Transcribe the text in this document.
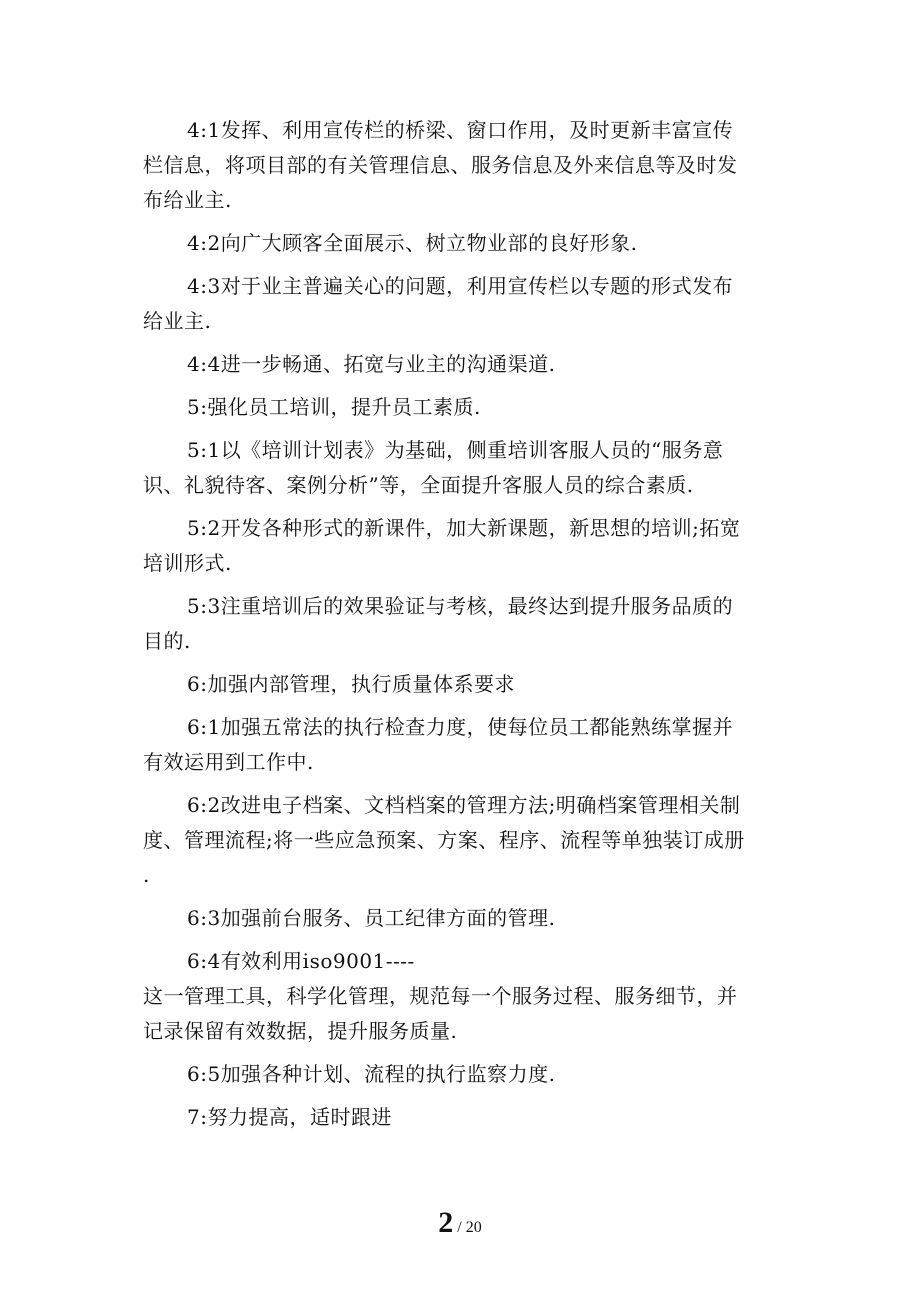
4:1发挥、利用宣传栏的桥梁、窗口作用，及时更新丰富宣传
栏信息，将项目部的有关管理信息、服务信息及外来信息等及时发
布给业主.
4:2向广大顾客全面展示、树立物业部的良好形象.
4:3对于业主普遍关心的问题，利用宣传栏以专题的形式发布
给业主.
4:4进一步畅通、拓宽与业主的沟通渠道.
5:强化员工培训，提升员工素质.
5:1以《培训计划表》为基础，侧重培训客服人员的“服务意
识、礼貌待客、案例分析”等，全面提升客服人员的综合素质.
5:2开发各种形式的新课件，加大新课题，新思想的培训;拓宽
培训形式.
5:3注重培训后的效果验证与考核，最终达到提升服务品质的
目的.
6:加强内部管理，执行质量体系要求
6:1加强五常法的执行检查力度，使每位员工都能熟练掌握并
有效运用到工作中.
6:2改进电子档案、文档档案的管理方法;明确档案管理相关制
度、管理流程;将一些应急预案、方案、程序、流程等单独装订成册
.
6:3加强前台服务、员工纪律方面的管理.
6:4有效利用iso9001----
这一管理工具，科学化管理，规范每一个服务过程、服务细节，并
记录保留有效数据，提升服务质量.
6:5加强各种计划、流程的执行监察力度.
7:努力提高，适时跟进
2 / 20
